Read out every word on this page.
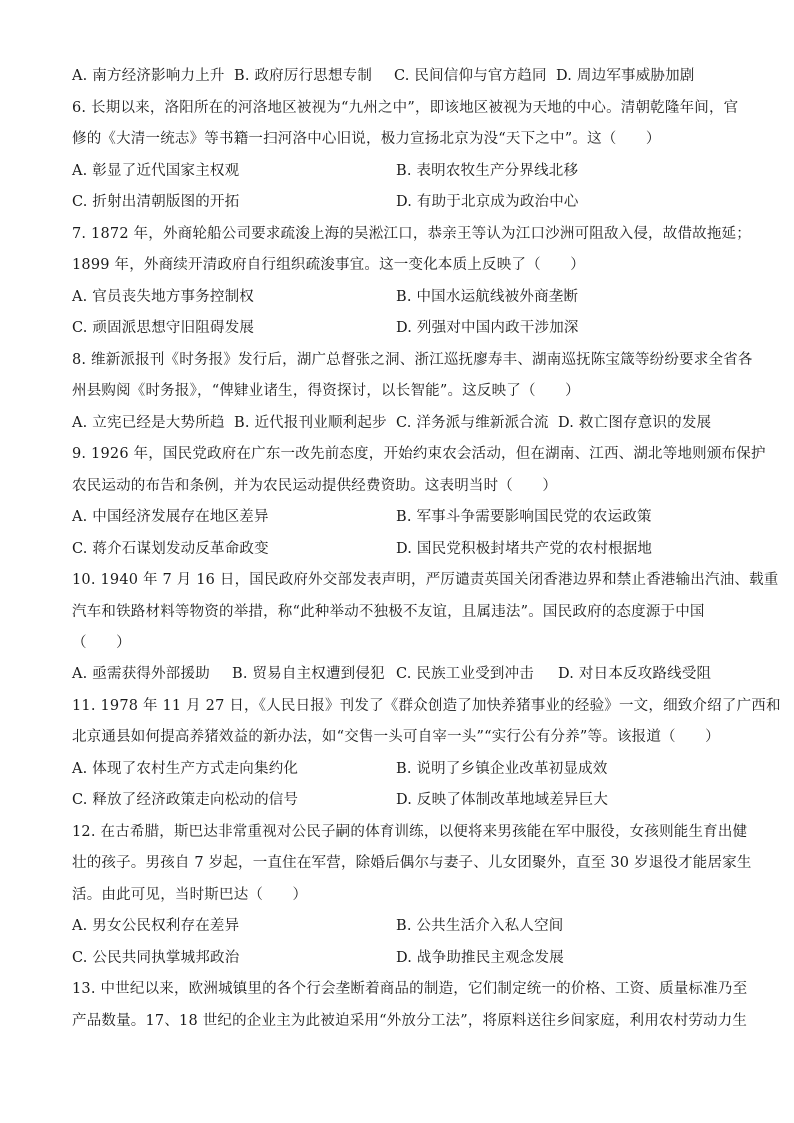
A. 南方经济影响力上升 B. 政府厉行思想专制 C. 民间信仰与官方趋同 D. 周边军事威胁加剧
6. 长期以来，洛阳所在的河洛地区被视为“九州之中”，即该地区被视为天地的中心。清朝乾隆年间，官
修的《大清一统志》等书籍一扫河洛中心旧说，极力宣扬北京为没“天下之中”。这（　　）
A. 彰显了近代国家主权观	B. 表明农牧生产分界线北移
C. 折射出清朝版图的开拓	D. 有助于北京成为政治中心
7. 1872 年，外商轮船公司要求疏浚上海的吴淞江口，恭亲王等认为江口沙洲可阻敌入侵，故借故拖延；
1899 年，外商续开清政府自行组织疏浚事宜。这一变化本质上反映了（　　）
A. 官员丧失地方事务控制权	B. 中国水运航线被外商垄断
C. 顽固派思想守旧阻碍发展	D. 列强对中国内政干涉加深
8. 维新派报刊《时务报》发行后，湖广总督张之洞、浙江巡抚廖寿丰、湖南巡抚陈宝箴等纷纷要求全省各
州县购阅《时务报》，“俾肄业诸生，得资探讨，以长智能”。这反映了（　　）
A. 立宪已经是大势所趋 B. 近代报刊业顺利起步 C. 洋务派与维新派合流 D. 救亡图存意识的发展
9. 1926 年，国民党政府在广东一改先前态度，开始约束农会活动，但在湖南、江西、湖北等地则颁布保护
农民运动的布告和条例，并为农民运动提供经费资助。这表明当时（　　）
A. 中国经济发展存在地区差异	B. 军事斗争需要影响国民党的农运政策
C. 蒋介石谋划发动反革命政变	D. 国民党积极封堵共产党的农村根据地
10. 1940 年 7 月 16 日，国民政府外交部发表声明，严厉谴责英国关闭香港边界和禁止香港输出汽油、载重
汽车和铁路材料等物资的举措，称“此种举动不独极不友谊，且属违法”。国民政府的态度源于中国
（　　）
A. 亟需获得外部援助 B. 贸易自主权遭到侵犯 C. 民族工业受到冲击 D. 对日本反攻路线受阻
11. 1978 年 11 月 27 日，《人民日报》刊发了《群众创造了加快养猪事业的经验》一文，细致介绍了广西和
北京通县如何提高养猪效益的新办法，如“交售一头可自宰一头”“实行公有分养”等。该报道（　　）
A. 体现了农村生产方式走向集约化	B. 说明了乡镇企业改革初显成效
C. 释放了经济政策走向松动的信号	D. 反映了体制改革地域差异巨大
12. 在古希腊，斯巴达非常重视对公民子嗣的体育训练，以便将来男孩能在军中服役，女孩则能生育出健
壮的孩子。男孩自 7 岁起，一直住在军营，除婚后偶尔与妻子、儿女团聚外，直至 30 岁退役才能居家生
活。由此可见，当时斯巴达（　　）
A. 男女公民权利存在差异	B. 公共生活介入私人空间
C. 公民共同执掌城邦政治	D. 战争助推民主观念发展
13. 中世纪以来，欧洲城镇里的各个行会垄断着商品的制造，它们制定统一的价格、工资、质量标准乃至
产品数量。17、18 世纪的企业主为此被迫采用“外放分工法”，将原料送往乡间家庭，利用农村劳动力生
